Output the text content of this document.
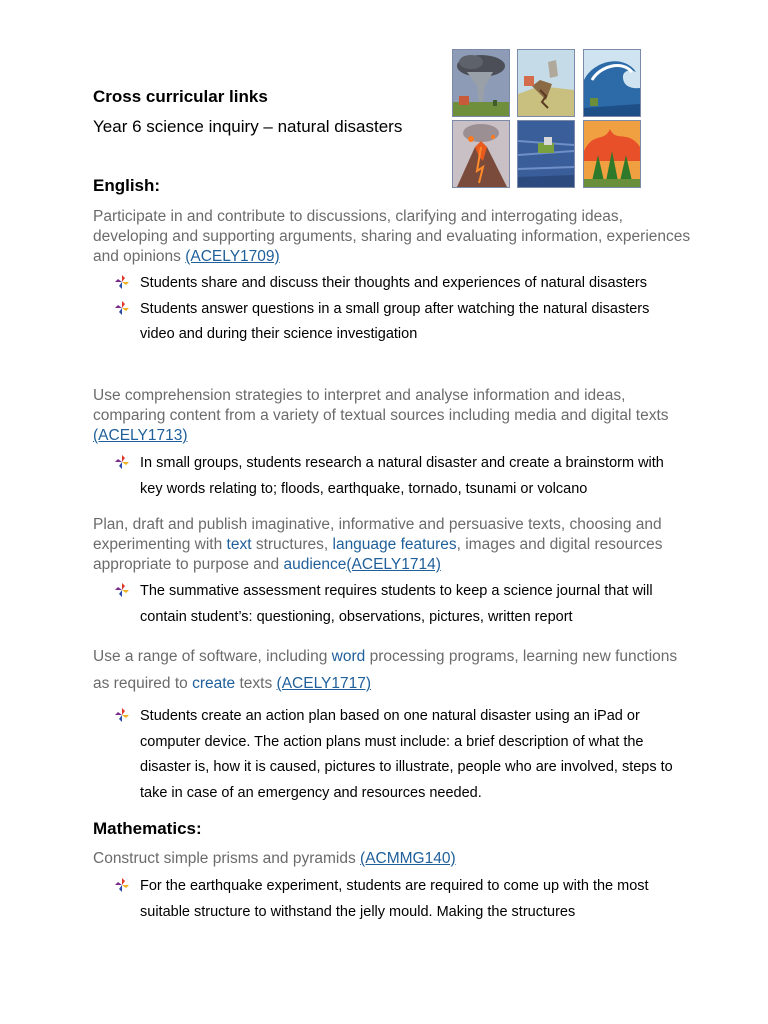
Cross curricular links
Year 6 science inquiry – natural disasters
English:
Participate in and contribute to discussions, clarifying and interrogating ideas, developing and supporting arguments, sharing and evaluating information, experiences and opinions (ACELY1709)
Students share and discuss their thoughts and experiences of natural disasters
Students answer questions in a small group after watching the natural disasters video and during their science investigation
Use comprehension strategies to interpret and analyse information and ideas, comparing content from a variety of textual sources including media and digital texts (ACELY1713)
In small groups, students research a natural disaster and create a brainstorm with key words relating to; floods, earthquake, tornado, tsunami or volcano
Plan, draft and publish imaginative, informative and persuasive texts, choosing and experimenting with text structures, language features, images and digital resources appropriate to purpose and audience(ACELY1714)
The summative assessment requires students to keep a science journal that will contain student’s: questioning, observations, pictures, written report
Use a range of software, including word processing programs, learning new functions as required to create texts (ACELY1717)
Students create an action plan based on one natural disaster using an iPad or computer device. The action plans must include: a brief description of what the disaster is, how it is caused, pictures to illustrate, people who are involved, steps to take in case of an emergency and resources needed.
Mathematics:
Construct simple prisms and pyramids (ACMMG140)
For the earthquake experiment, students are required to come up with the most suitable structure to withstand the jelly mould. Making the structures
